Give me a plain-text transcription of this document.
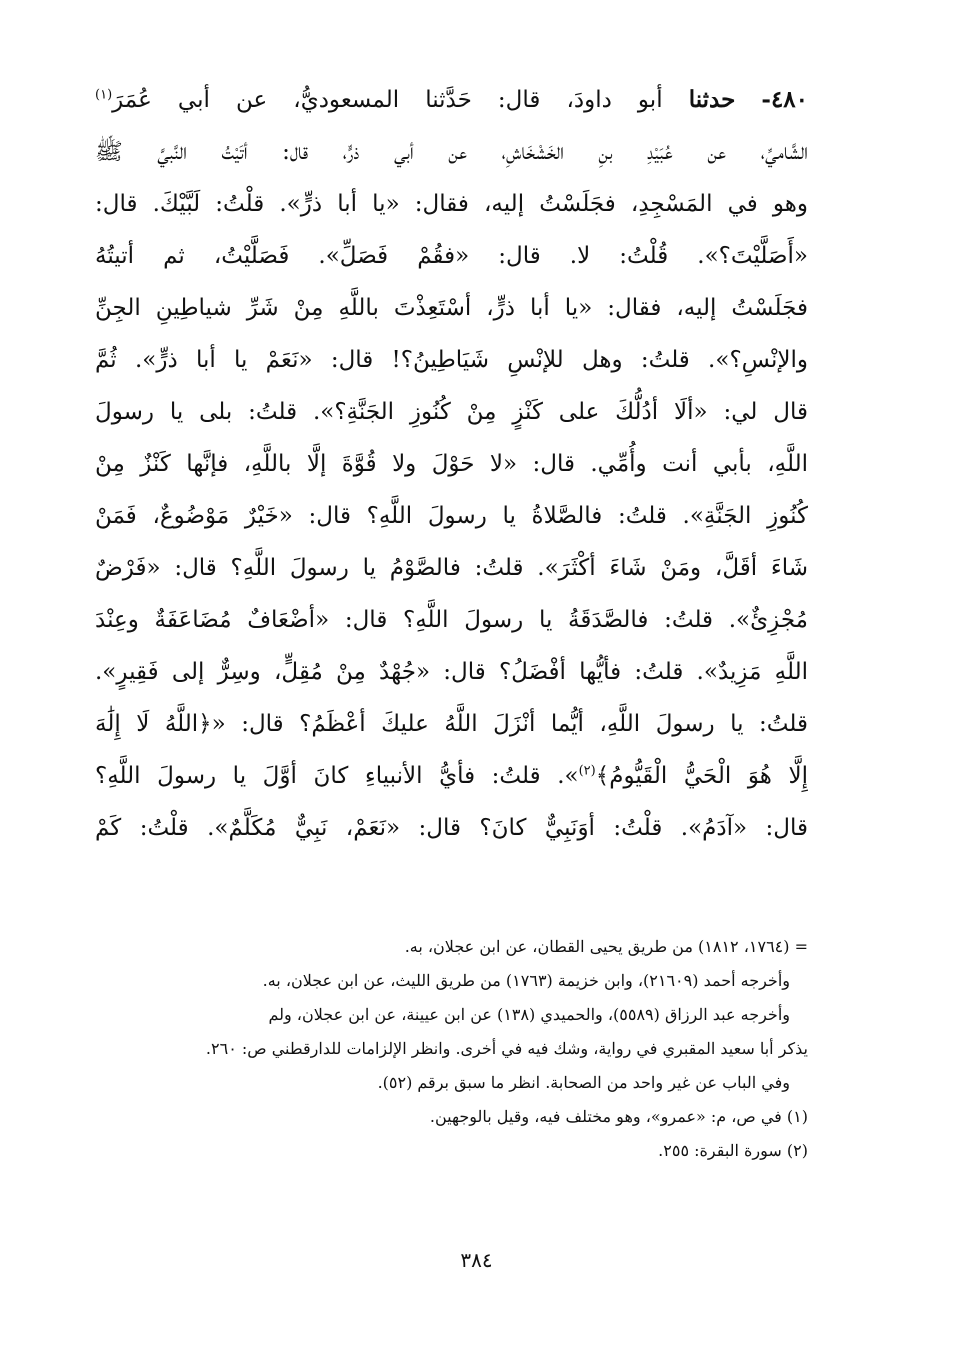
٤٨٠- حدثنا أبو داودَ، قال: حَدَّثنا المسعوديُّ، عن أبي عُمَرَ$^{(١)}$
الشَّاميِّ، عن عُبَيْدِ بنِ الخَشْخَاشِ، عن أبي ذرٍّ، قال: أتَيْتُ النَّبيَّ ﷺ
وهو في المَسْجِدِ، فجَلَسْتُ إليه، فقال: «يا أبا ذرٍّ». قلْتُ: لَبَّيْكَ. قال:
«أَصَلَّيْتَ؟». قُلْتُ: لا. قال: «فقُمْ فَصَلِّ». فَصَلَّيْتُ، ثم أتيتُهُ
فجَلَسْتُ إليه، فقال: «يا أبا ذرٍّ، أسْتَعِذْتَ باللَّهِ مِنْ شَرِّ شياطِينِ الجِنِّ
والإنْسِ؟». قلتُ: وهل للإنْسِ شَيَاطِينُ؟! قال: «نَعَمْ يا أبا ذرٍّ». ثُمَّ
قال لي: «ألَا أدُلُّكَ على كَنْزٍ مِنْ كُنُوزِ الجَنَّةِ؟». قلتُ: بلى يا رسولَ
اللَّهِ، بأبي أنت وأُمِّي. قال: «لا حَوْلَ ولا قُوَّةَ إلَّا باللَّهِ، فإنَّها كَنْزٌ مِنْ
كُنُوزِ الجَنَّةِ». قلتُ: فالصَّلاةُ يا رسولَ اللَّهِ؟ قال: «خَيْرٌ مَوْضُوعٌ، فَمَنْ
شَاءَ أقَلَّ، ومَنْ شَاءَ أكْثَرَ». قلتُ: فالصَّوْمُ يا رسولَ اللَّهِ؟ قال: «فَرْضٌ
مُجْزِئٌ». قلتُ: فالصَّدَقَةُ يا رسولَ اللَّهِ؟ قال: «أضْعَافٌ مُضَاعَفَةٌ وعِنْدَ
اللَّهِ مَزِيدٌ». قلتُ: فأيُّها أفْضَلُ؟ قال: «جُهْدٌ مِنْ مُقِلٍّ، وسِرٌّ إلى فَقِيرٍ».
قلتُ: يا رسولَ اللَّهِ، أيُّما أنْزَلَ اللَّهُ عليكَ أعْظَمُ؟ قال: «﴿اللَّهُ لَا إِلَٰهَ
إِلَّا هُوَ الْحَيُّ الْقَيُّومُ﴾$^{(٢)}$». قلتُ: فأيُّ الأنبياءِ كانَ أوَّلَ يا رسولَ اللَّهِ؟
قال: «آدَمُ». قلْتُ: أوَنَبِيٌّ كانَ؟ قال: «نَعَمْ، نَبِيٌّ مُكَلَّمٌ». قلْتُ: كَمْ
= (١٧٦٤، ١٨١٢) من طريق يحيى القطان، عن ابن عجلان، به.
وأخرجه أحمد (٢١٦٠٩)، وابن خزيمة (١٧٦٣) من طريق الليث، عن ابن عجلان، به.
وأخرجه عبد الرزاق (٥٥٨٩)، والحميدي (١٣٨) عن ابن عيينة، عن ابن عجلان، ولم
يذكر أبا سعيد المقبري في رواية، وشك فيه في أخرى. وانظر الإلزامات للدارقطني ص: ٢٦٠.
وفي الباب عن غير واحد من الصحابة. انظر ما سبق برقم (٥٢).
(١) في ص، م: «عمرو»، وهو مختلف فيه، وقيل بالوجهين.
(٢) سورة البقرة: ٢٥٥.
٣٨٤
